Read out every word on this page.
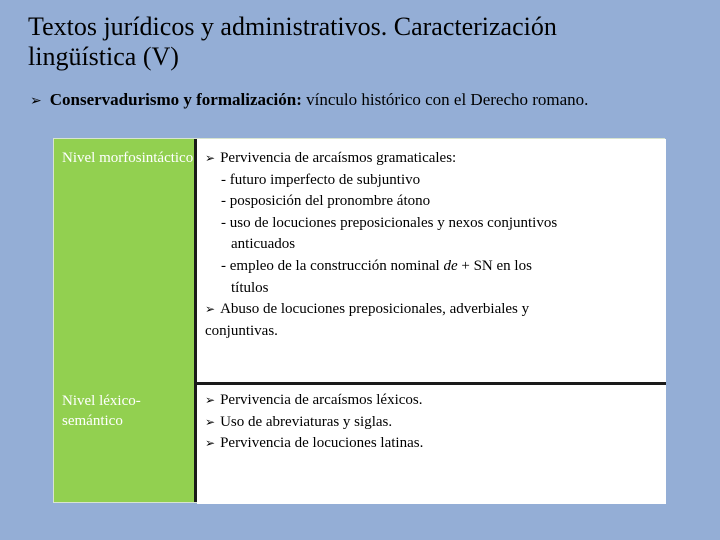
Textos jurídicos y administrativos. Caracterización
lingüística (V)
➢ Conservadurismo y formalización: vínculo histórico con el Derecho romano.
Nivel morfosintáctico
Nivel léxico-semántico
➢ Pervivencia de arcaísmos gramaticales:
- futuro imperfecto de subjuntivo
- posposición del pronombre átono
- uso de locuciones preposicionales y nexos conjuntivos
anticuados
- empleo de la construcción nominal de + SN en los
títulos
➢ Abuso de locuciones preposicionales, adverbiales y
conjuntivas.
➢ Pervivencia de arcaísmos léxicos.
➢ Uso de abreviaturas y siglas.
➢ Pervivencia de locuciones latinas.
